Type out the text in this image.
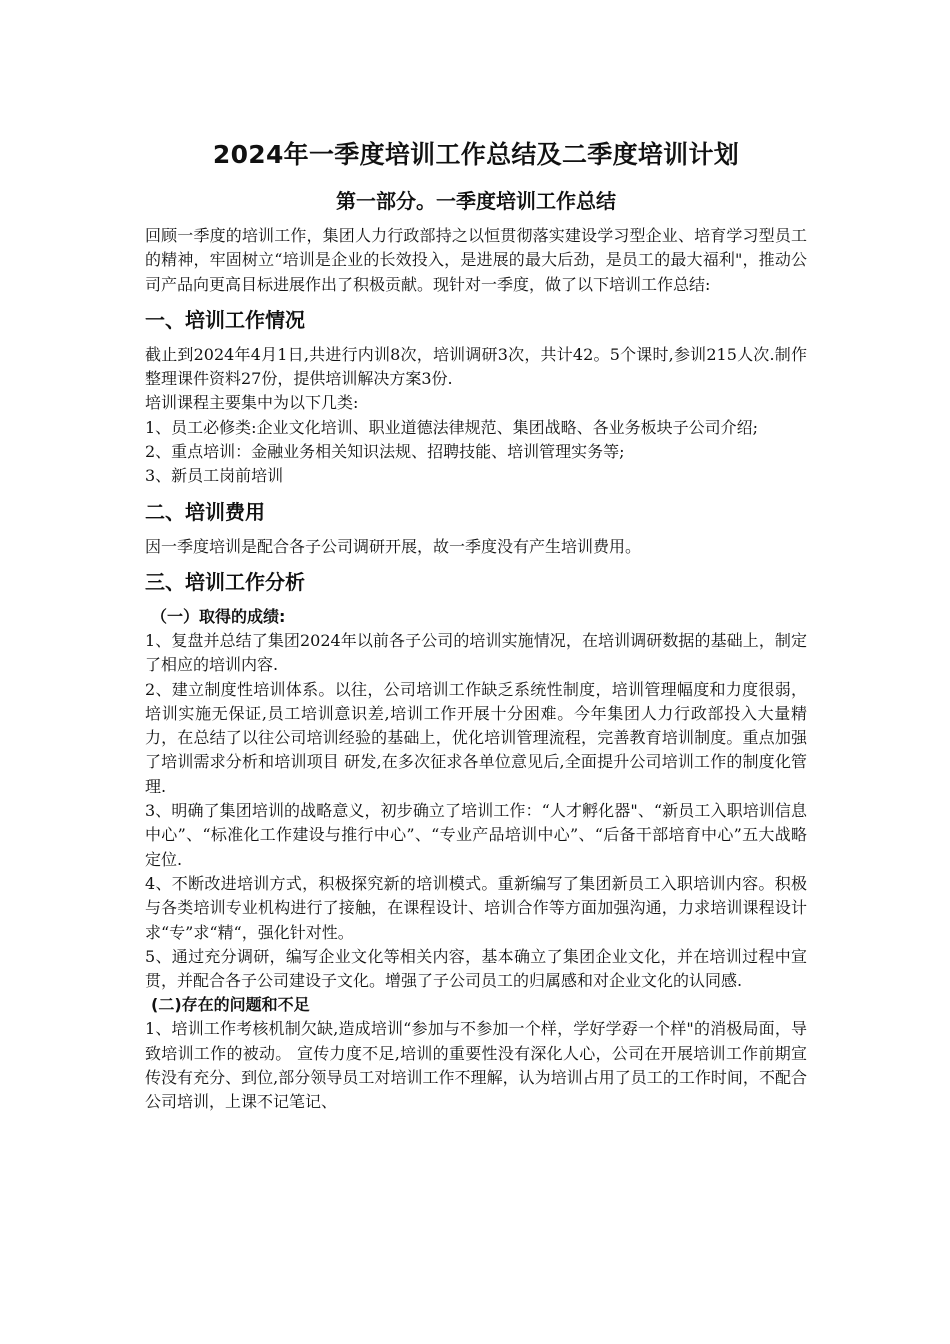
2024年一季度培训工作总结及二季度培训计划
第一部分。一季度培训工作总结

回顾一季度的培训工作，集团人力行政部持之以恒贯彻落实建设学习型企业、培育学习型员工的精神，牢固树立“培训是企业的长效投入，是进展的最大后劲，是员工的最大福利"，推动公司产品向更高目标进展作出了积极贡献。现针对一季度，做了以下培训工作总结:

一、培训工作情况

截止到2024年4月1日,共进行内训8次，培训调研3次，共计42。5个课时,参训215人次.制作整理课件资料27份，提供培训解决方案3份.

培训课程主要集中为以下几类:

1、员工必修类:企业文化培训、职业道德法律规范、集团战略、各业务板块子公司介绍;

2、重点培训：金融业务相关知识法规、招聘技能、培训管理实务等;

3、新员工岗前培训

二、培训费用

因一季度培训是配合各子公司调研开展，故一季度没有产生培训费用。

三、培训工作分析
（一）取得的成绩:

1、复盘并总结了集团2024年以前各子公司的培训实施情况，在培训调研数据的基础上，制定了相应的培训内容.

2、建立制度性培训体系。以往，公司培训工作缺乏系统性制度，培训管理幅度和力度很弱，培训实施无保证,员工培训意识差,培训工作开展十分困难。今年集团人力行政部投入大量精力，在总结了以往公司培训经验的基础上，优化培训管理流程，完善教育培训制度。重点加强了培训需求分析和培训项目 研发,在多次征求各单位意见后,全面提升公司培训工作的制度化管理.

3、明确了集团培训的战略意义，初步确立了培训工作：“人才孵化器"、“新员工入职培训信息中心”、“标准化工作建设与推行中心”、“专业产品培训中心”、“后备干部培育中心”五大战略定位.

4、不断改进培训方式，积极探究新的培训模式。重新编写了集团新员工入职培训内容。积极与各类培训专业机构进行了接触，在课程设计、培训合作等方面加强沟通，力求培训课程设计求“专”求“精“，强化针对性。

5、通过充分调研，编写企业文化等相关内容，基本确立了集团企业文化，并在培训过程中宣贯，并配合各子公司建设子文化。增强了子公司员工的归属感和对企业文化的认同感.

(二)存在的问题和不足

1、培训工作考核机制欠缺,造成培训“参加与不参加一个样，学好学孬一个样"的消极局面，导致培训工作的被动。 宣传力度不足,培训的重要性没有深化人心，公司在开展培训工作前期宣传没有充分、到位,部分领导员工对培训工作不理解，认为培训占用了员工的工作时间，不配合公司培训，上课不记笔记、
